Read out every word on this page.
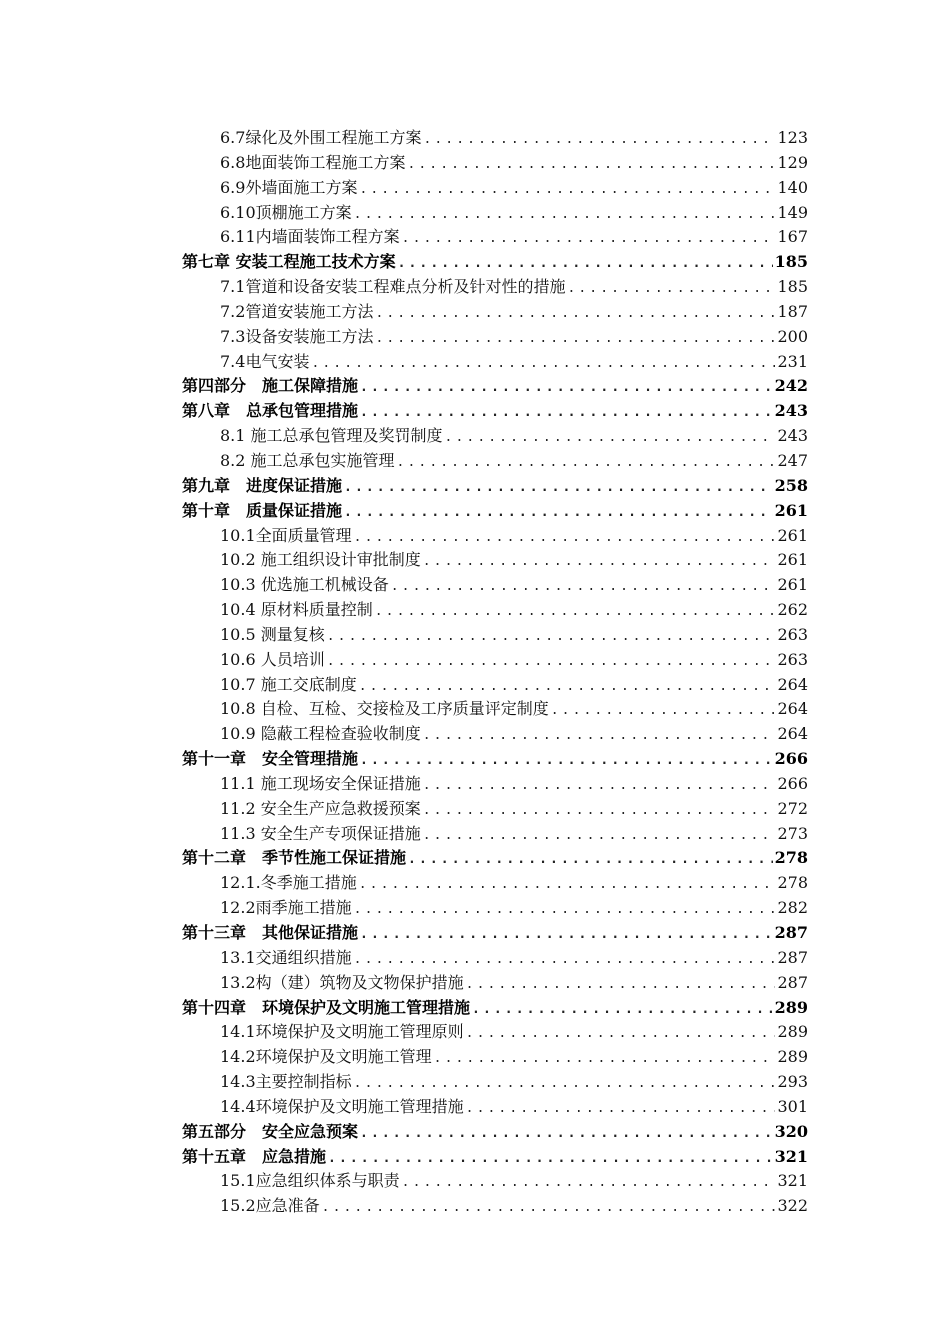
6.7绿化及外围工程施工方案 .....	123
6.8地面装饰工程施工方案 .....	129
6.9外墙面施工方案 .....	140
6.10顶棚施工方案 .....	149
6.11内墙面装饰工程方案 .....	167
第七章 安装工程施工技术方案 .....	185
7.1管道和设备安装工程难点分析及针对性的措施 .....	185
7.2管道安装施工方法 .....	187
7.3设备安装施工方法 .....	200
7.4电气安装 .....	231
第四部分　施工保障措施 .....	242
第八章　总承包管理措施 .....	243
8.1 施工总承包管理及奖罚制度 .....	243
8.2 施工总承包实施管理 .....	247
第九章　进度保证措施 .....	258
第十章　质量保证措施 .....	261
10.1全面质量管理 .....	261
10.2 施工组织设计审批制度 .....	261
10.3 优选施工机械设备 .....	261
10.4 原材料质量控制 .....	262
10.5 测量复核 .....	263
10.6 人员培训 .....	263
10.7 施工交底制度 .....	264
10.8 自检、互检、交接检及工序质量评定制度 .....	264
10.9 隐蔽工程检查验收制度 .....	264
第十一章　安全管理措施 .....	266
11.1 施工现场安全保证措施 .....	266
11.2 安全生产应急救援预案 .....	272
11.3 安全生产专项保证措施 .....	273
第十二章　季节性施工保证措施 .....	278
12.1.冬季施工措施 .....	278
12.2雨季施工措施 .....	282
第十三章　其他保证措施 .....	287
13.1交通组织措施 .....	287
13.2构（建）筑物及文物保护措施 .....	287
第十四章　环境保护及文明施工管理措施 .....	289
14.1环境保护及文明施工管理原则 .....	289
14.2环境保护及文明施工管理 .....	289
14.3主要控制指标 .....	293
14.4环境保护及文明施工管理措施 .....	301
第五部分　安全应急预案 .....	320
第十五章　应急措施 .....	321
15.1应急组织体系与职责 .....	321
15.2应急准备 .....	322
